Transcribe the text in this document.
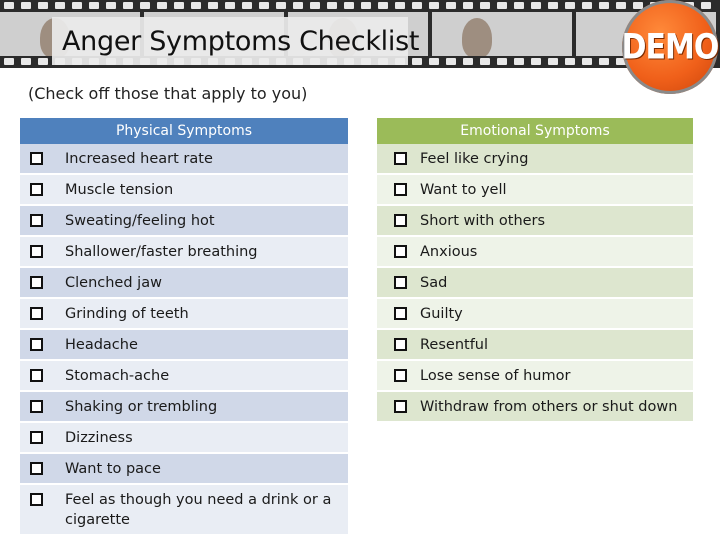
Anger Symptoms Checklist	DEMO
(Check off those that apply to you)
Physical Symptoms
Increased heart rate
Muscle tension
Sweating/feeling hot
Shallower/faster breathing
Clenched jaw
Grinding of teeth
Headache
Stomach-ache
Shaking or trembling
Dizziness
Want to pace
Feel as though you need a drink or a cigarette
Emotional Symptoms
Feel like crying
Want to yell
Short with others
Anxious
Sad
Guilty
Resentful
Lose sense of humor
Withdraw from others or shut down
